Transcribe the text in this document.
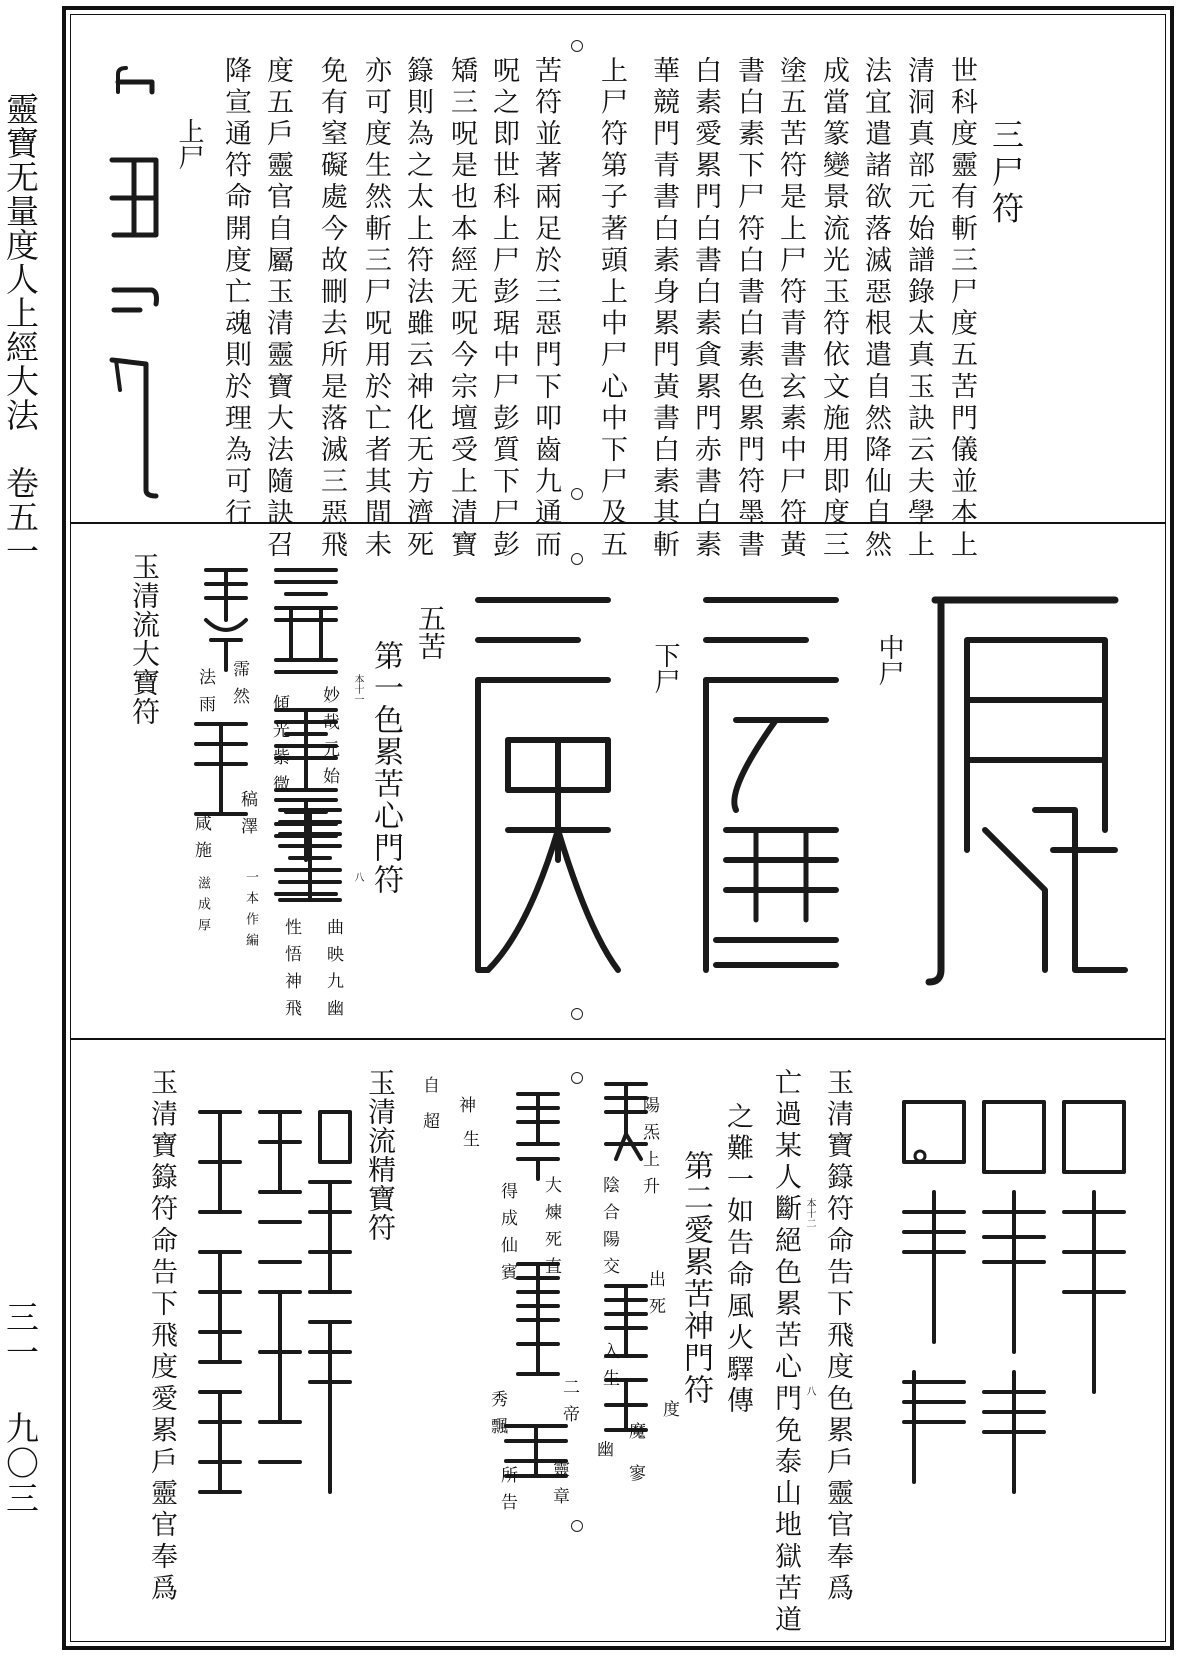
靈寶无量度人上經大法　卷五一
三一 九〇三
三尸符
世科度靈有斬三尸度五苦門儀並本上
清洞真部元始譜錄太真玉訣云夫學上
法宜遣諸欲落滅惡根遣自然降仙自然
成當篆變景流光玉符依文施用即度三
塗五苦符是上尸符青書玄素中尸符黃
書白素下尸符白書白素色累門符墨書
白素愛累門白書白素貪累門赤書白素
華競門青書白素身累門黃書白素其斬
上尸符第子著頭上中尸心中下尸及五
苦符並著兩足於三惡門下叩齒九通而
呪之即世科上尸彭琚中尸彭質下尸彭
矯三呪是也本經无呪今宗壇受上清寶
籙則為之太上符法雖云神化无方濟死
亦可度生然斬三尸呪用於亡者其間未
免有窒礙處今故刪去所是落滅三惡飛
度五戶靈官自屬玉清靈寶大法隨訣召
降宣通符命開度亡魂則於理為可行
上尸
中尸
下尸
五苦
第一色累苦心門符
本十一
八
妙哉元始
曲映九幽
傾光紫微
性悟神飛
霈然
稿澤
一本作編
法雨
咸施
滋成厚
玉清流大寶符
玉清寶籙符命告下飛度色累戶靈官奉爲
亡過某人斷絕色累苦心門免泰山地獄苦道
之難一如告命風火驛傳	本十二
八
第二愛累苦神門符
陽炁上升
陰合陽交
出死
入生
度
魔
幽
寥
大煉死直
得成仙賓
二帝
秀飄
靈章
所告
神
生
自
超
玉清流精寶符
玉清寶籙符命告下飛度愛累戶靈官奉爲
